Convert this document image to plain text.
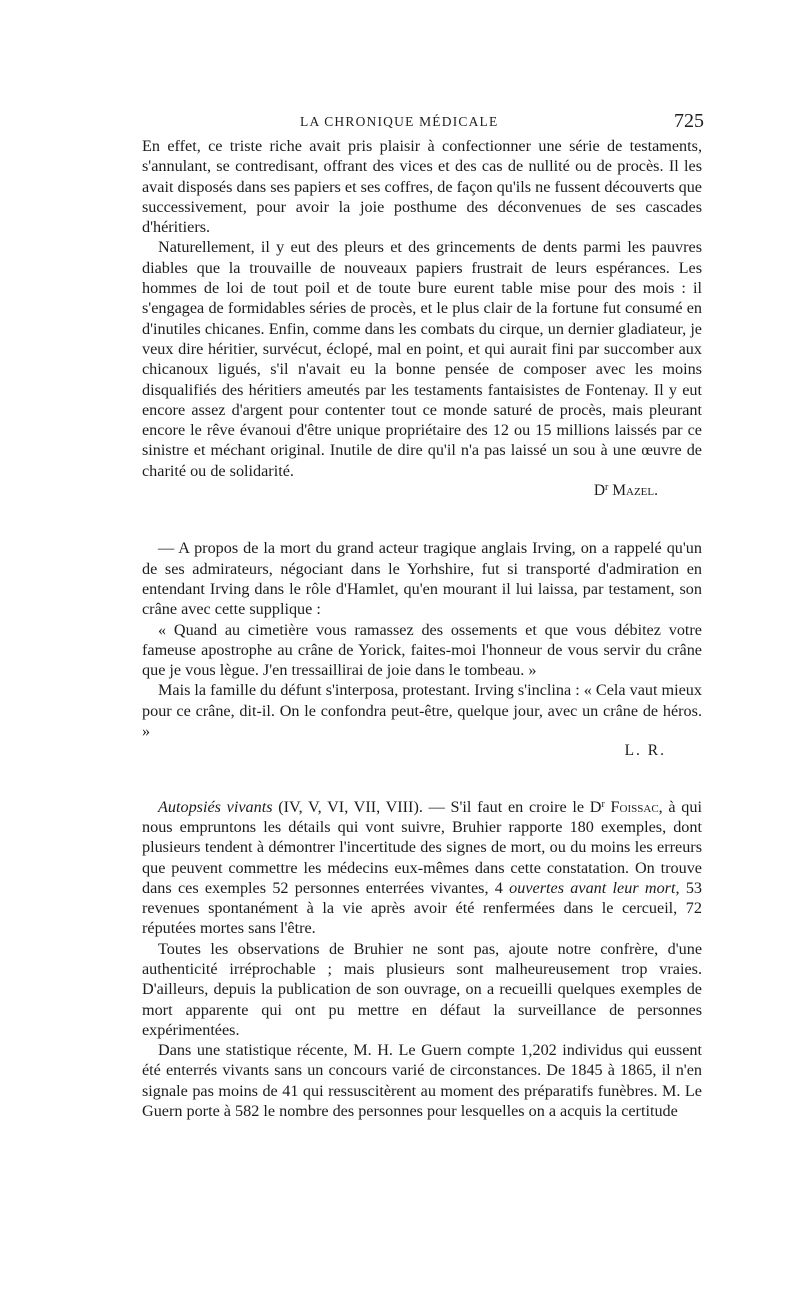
LA CHRONIQUE MÉDICALE	725

En effet, ce triste riche avait pris plaisir à confectionner une série de testaments, s'annulant, se contredisant, offrant des vices et des cas de nullité ou de procès. Il les avait disposés dans ses papiers et ses coffres, de façon qu'ils ne fussent découverts que successivement, pour avoir la joie posthume des déconvenues de ses cascades d'héritiers.

Naturellement, il y eut des pleurs et des grincements de dents parmi les pauvres diables que la trouvaille de nouveaux papiers frustrait de leurs espérances. Les hommes de loi de tout poil et de toute bure eurent table mise pour des mois : il s'engagea de formidables séries de procès, et le plus clair de la fortune fut consumé en d'inutiles chicanes. Enfin, comme dans les combats du cirque, un dernier gladiateur, je veux dire héritier, survécut, éclopé, mal en point, et qui aurait fini par succomber aux chicanoux ligués, s'il n'avait eu la bonne pensée de composer avec les moins disqualifiés des héritiers ameutés par les testaments fantaisistes de Fontenay. Il y eut encore assez d'argent pour contenter tout ce monde saturé de procès, mais pleurant encore le rêve évanoui d'être unique propriétaire des 12 ou 15 millions laissés par ce sinistre et méchant original. Inutile de dire qu'il n'a pas laissé un sou à une œuvre de charité ou de solidarité.

$D^r$ Mazel.

— A propos de la mort du grand acteur tragique anglais Irving, on a rappelé qu'un de ses admirateurs, négociant dans le Yorhshire, fut si transporté d'admiration en entendant Irving dans le rôle d'Hamlet, qu'en mourant il lui laissa, par testament, son crâne avec cette supplique :

« Quand au cimetière vous ramassez des ossements et que vous débitez votre fameuse apostrophe au crâne de Yorick, faites-moi l'honneur de vous servir du crâne que je vous lègue. J'en tressaillirai de joie dans le tombeau. »

Mais la famille du défunt s'interposa, protestant. Irving s'inclina : « Cela vaut mieux pour ce crâne, dit-il. On le confondra peut-être, quelque jour, avec un crâne de héros. »

L. R.

Autopsiés vivants (IV, V, VI, VII, VIII). — S'il faut en croire le $D^r$ Foissac, à qui nous empruntons les détails qui vont suivre, Bruhier rapporte 180 exemples, dont plusieurs tendent à démontrer l'incertitude des signes de mort, ou du moins les erreurs que peuvent commettre les médecins eux-mêmes dans cette constatation. On trouve dans ces exemples 52 personnes enterrées vivantes, 4 ouvertes avant leur mort, 53 revenues spontanément à la vie après avoir été renfermées dans le cercueil, 72 réputées mortes sans l'être.

Toutes les observations de Bruhier ne sont pas, ajoute notre confrère, d'une authenticité irréprochable ; mais plusieurs sont malheureusement trop vraies. D'ailleurs, depuis la publication de son ouvrage, on a recueilli quelques exemples de mort apparente qui ont pu mettre en défaut la surveillance de personnes expérimentées.

Dans une statistique récente, M. H. Le Guern compte 1,202 individus qui eussent été enterrés vivants sans un concours varié de circonstances. De 1845 à 1865, il n'en signale pas moins de 41 qui ressuscitèrent au moment des préparatifs funèbres. M. Le Guern porte à 582 le nombre des personnes pour lesquelles on a acquis la certitude
